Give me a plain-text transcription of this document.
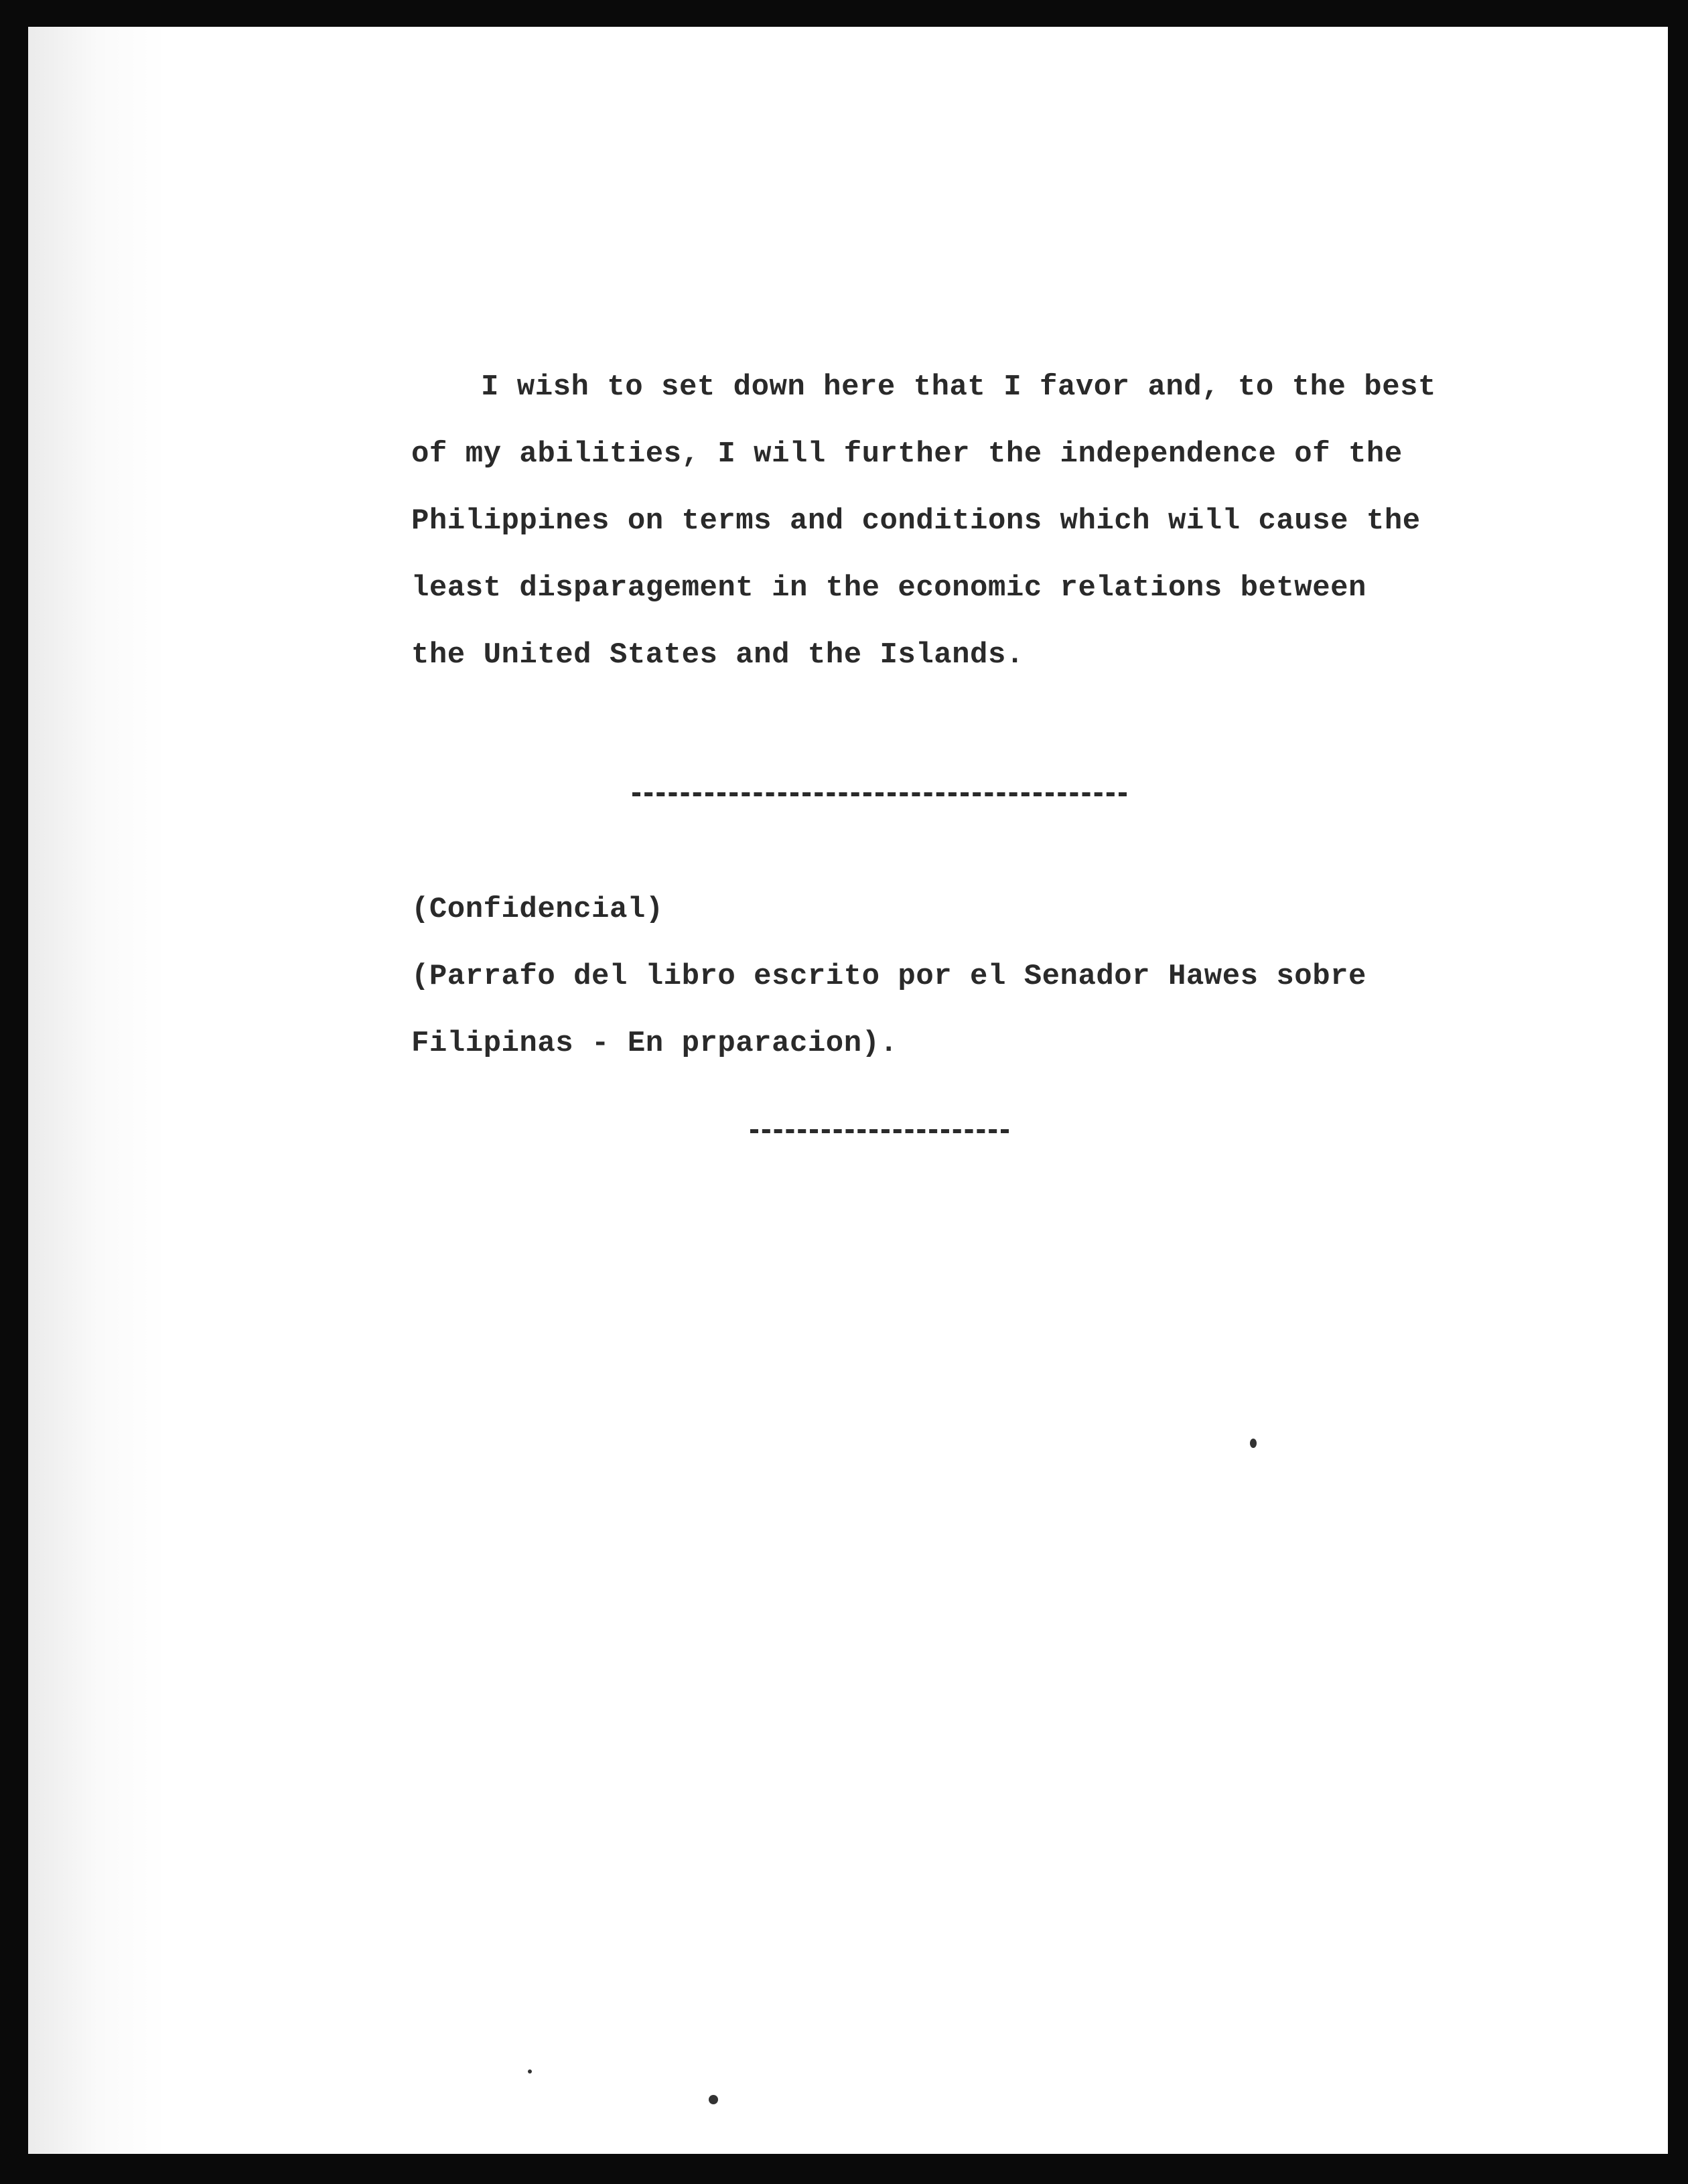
I wish to set down here that I favor and, to the best
of my abilities, I will further the independence of the
Philippines on terms and conditions which will cause the
least disparagement in the economic relations between
the United States and the Islands.
(Confidencial)
(Parrafo del libro escrito por el Senador Hawes sobre
Filipinas - En prparacion).
